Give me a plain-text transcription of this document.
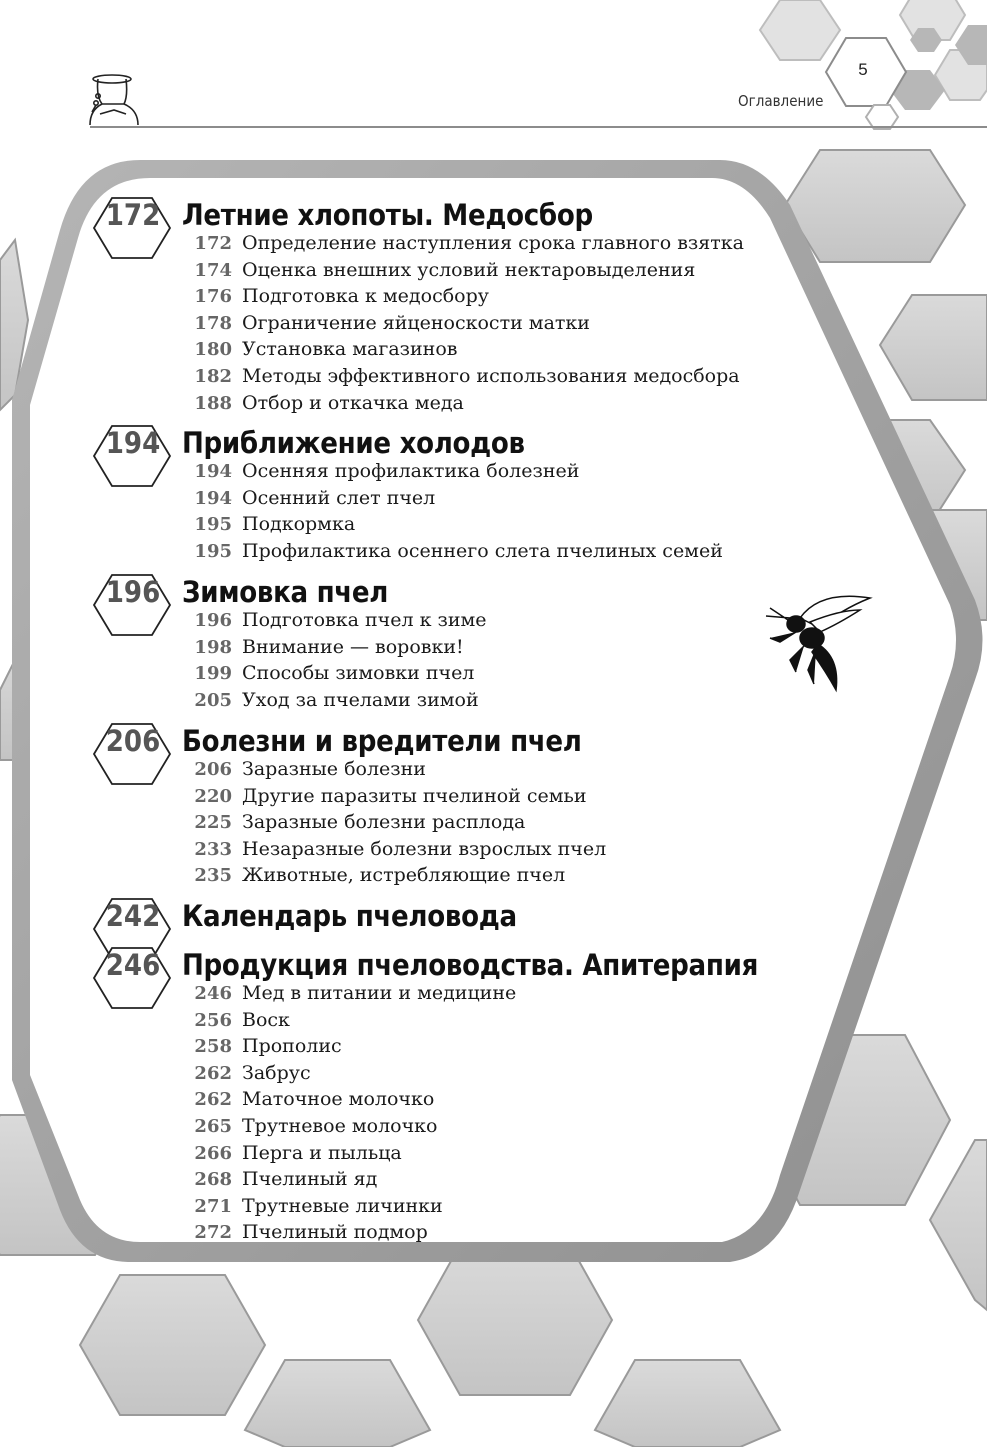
Оглавление
5
172 Летние хлопоты. Медосбор
172 Определение наступления срока главного взятка
174 Оценка внешних условий нектаровыделения
176 Подготовка к медосбору
178 Ограничение яйценоскости матки
180 Установка магазинов
182 Методы эффективного использования медосбора
188 Отбор и откачка меда
194 Приближение холодов
194 Осенняя профилактика болезней
194 Осенний слет пчел
195 Подкормка
195 Профилактика осеннего слета пчелиных семей
196 Зимовка пчел
196 Подготовка пчел к зиме
198 Внимание — воровки!
199 Способы зимовки пчел
205 Уход за пчелами зимой
206 Болезни и вредители пчел
206 Заразные болезни
220 Другие паразиты пчелиной семьи
225 Заразные болезни расплода
233 Незаразные болезни взрослых пчел
235 Животные, истребляющие пчел
242 Календарь пчеловода
246 Продукция пчеловодства. Апитерапия
246 Мед в питании и медицине
256 Воск
258 Прополис
262 Забрус
262 Маточное молочко
265 Трутневое молочко
266 Перга и пыльца
268 Пчелиный яд
271 Трутневые личинки
272 Пчелиный подмор
